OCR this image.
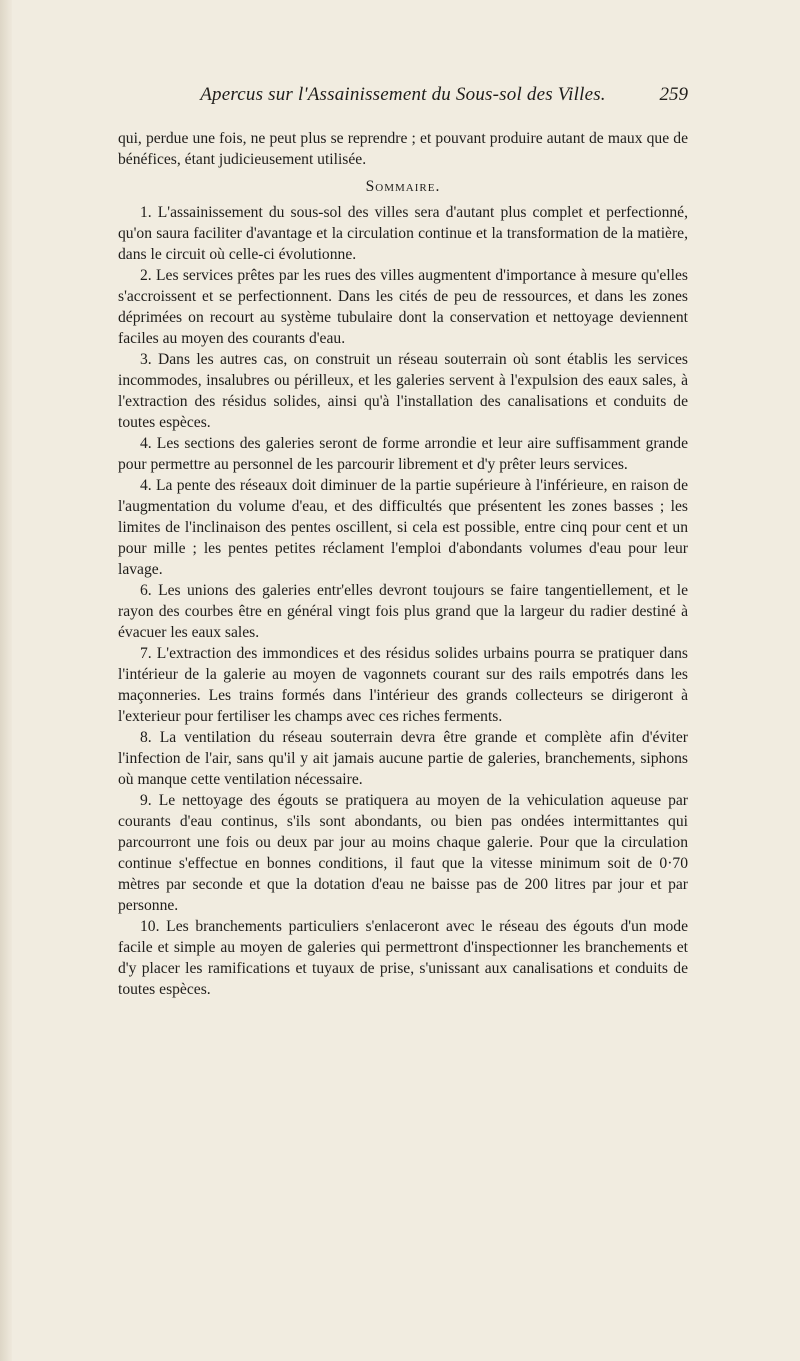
Apercus sur l'Assainissement du Sous-sol des Villes.	259

qui, perdue une fois, ne peut plus se reprendre ; et pouvant produire autant de maux que de bénéfices, étant judicieusement utilisée.

Sommaire.

1. L'assainissement du sous-sol des villes sera d'autant plus complet et perfectionné, qu'on saura faciliter d'avantage et la circulation continue et la transformation de la matière, dans le circuit où celle-ci évolutionne.

2. Les services prêtes par les rues des villes augmentent d'importance à mesure qu'elles s'accroissent et se perfectionnent. Dans les cités de peu de ressources, et dans les zones déprimées on recourt au système tubulaire dont la conservation et nettoyage deviennent faciles au moyen des courants d'eau.

3. Dans les autres cas, on construit un réseau souterrain où sont établis les services incommodes, insalubres ou périlleux, et les galeries servent à l'expulsion des eaux sales, à l'extraction des résidus solides, ainsi qu'à l'installation des canalisations et conduits de toutes espèces.

4. Les sections des galeries seront de forme arrondie et leur aire suffisamment grande pour permettre au personnel de les parcourir librement et d'y prêter leurs services.

4. La pente des réseaux doit diminuer de la partie supérieure à l'inférieure, en raison de l'augmentation du volume d'eau, et des difficultés que présentent les zones basses ; les limites de l'inclinaison des pentes oscillent, si cela est possible, entre cinq pour cent et un pour mille ; les pentes petites réclament l'emploi d'abondants volumes d'eau pour leur lavage.

6. Les unions des galeries entr'elles devront toujours se faire tangentiellement, et le rayon des courbes être en général vingt fois plus grand que la largeur du radier destiné à évacuer les eaux sales.

7. L'extraction des immondices et des résidus solides urbains pourra se pratiquer dans l'intérieur de la galerie au moyen de vagonnets courant sur des rails empotrés dans les maçonneries. Les trains formés dans l'intérieur des grands collecteurs se dirigeront à l'exterieur pour fertiliser les champs avec ces riches ferments.

8. La ventilation du réseau souterrain devra être grande et complète afin d'éviter l'infection de l'air, sans qu'il y ait jamais aucune partie de galeries, branchements, siphons où manque cette ventilation nécessaire.

9. Le nettoyage des égouts se pratiquera au moyen de la vehiculation aqueuse par courants d'eau continus, s'ils sont abondants, ou bien pas ondées intermittantes qui parcourront une fois ou deux par jour au moins chaque galerie. Pour que la circulation continue s'effectue en bonnes conditions, il faut que la vitesse minimum soit de 0·70 mètres par seconde et que la dotation d'eau ne baisse pas de 200 litres par jour et par personne.

10. Les branchements particuliers s'enlaceront avec le réseau des égouts d'un mode facile et simple au moyen de galeries qui permettront d'inspectionner les branchements et d'y placer les ramifications et tuyaux de prise, s'unissant aux canalisations et conduits de toutes espèces.
